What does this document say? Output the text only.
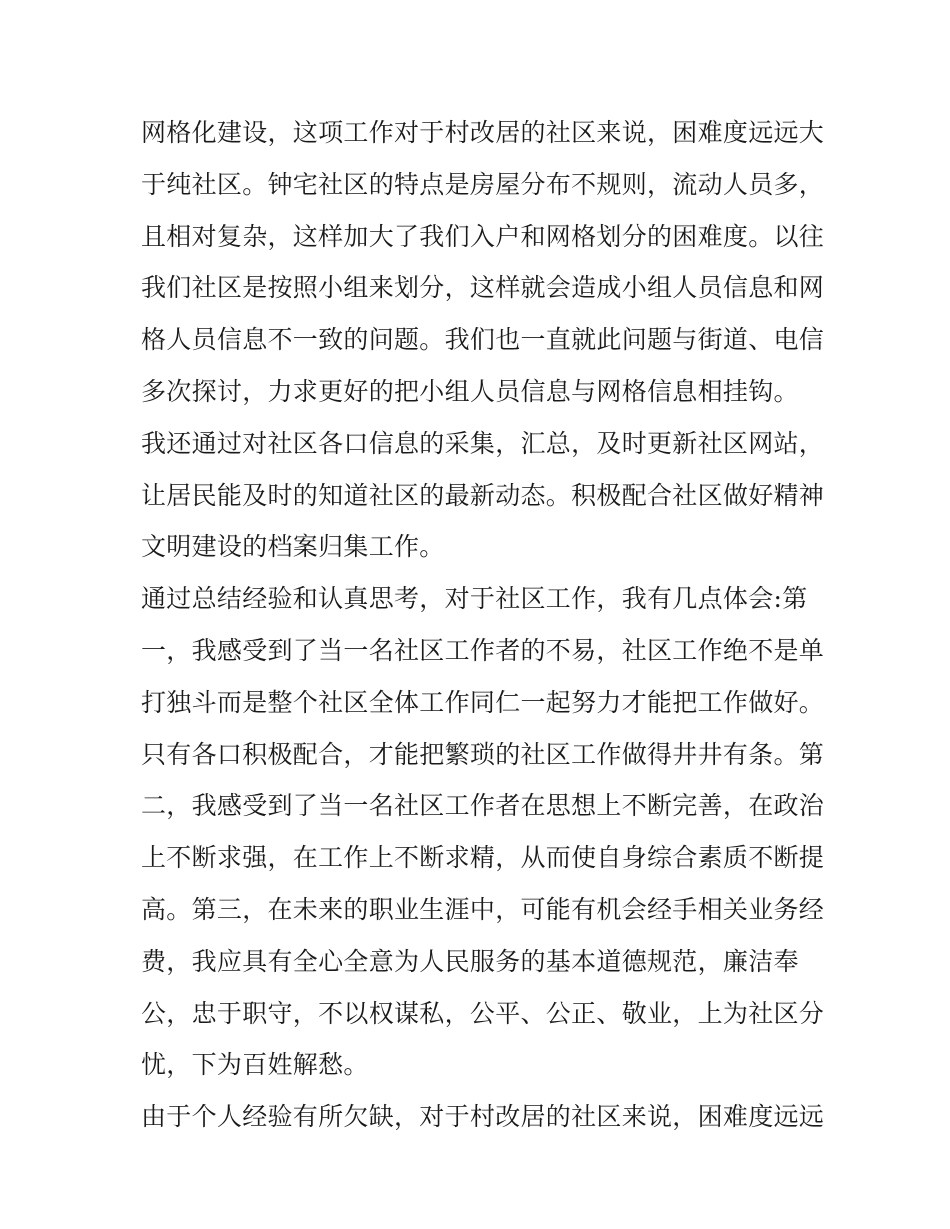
网格化建设，这项工作对于村改居的社区来说，困难度远远大
于纯社区。钟宅社区的特点是房屋分布不规则，流动人员多，
且相对复杂，这样加大了我们入户和网格划分的困难度。以往
我们社区是按照小组来划分，这样就会造成小组人员信息和网
格人员信息不一致的问题。我们也一直就此问题与街道、电信
多次探讨，力求更好的把小组人员信息与网格信息相挂钩。
我还通过对社区各口信息的采集，汇总，及时更新社区网站，
让居民能及时的知道社区的最新动态。积极配合社区做好精神
文明建设的档案归集工作。
通过总结经验和认真思考，对于社区工作，我有几点体会:第
一，我感受到了当一名社区工作者的不易，社区工作绝不是单
打独斗而是整个社区全体工作同仁一起努力才能把工作做好。
只有各口积极配合，才能把繁琐的社区工作做得井井有条。第
二，我感受到了当一名社区工作者在思想上不断完善，在政治
上不断求强，在工作上不断求精，从而使自身综合素质不断提
高。第三，在未来的职业生涯中，可能有机会经手相关业务经
费，我应具有全心全意为人民服务的基本道德规范，廉洁奉
公，忠于职守，不以权谋私，公平、公正、敬业，上为社区分
忧，下为百姓解愁。
由于个人经验有所欠缺，对于村改居的社区来说，困难度远远
